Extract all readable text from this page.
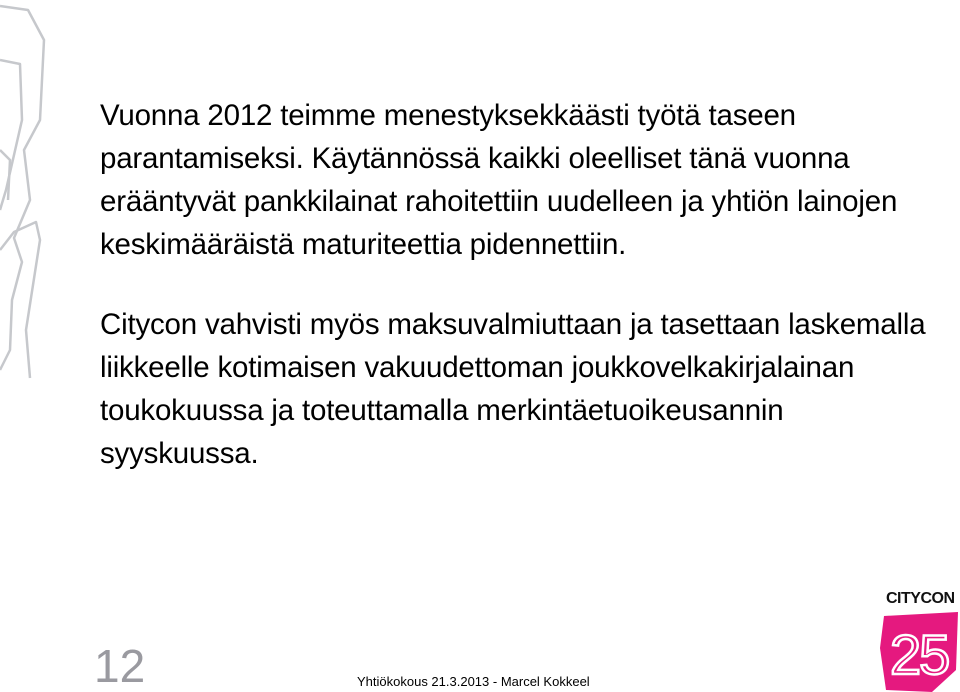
Vuonna 2012 teimme menestyksekkäästi työtä taseen parantamiseksi. Käytännössä kaikki oleelliset tänä vuonna erääntyvät pankkilainat rahoitettiin uudelleen ja yhtiön lainojen keskimääräistä maturiteettia pidennettiin.

Citycon vahvisti myös maksuvalmiuttaan ja tasettaan laskemalla liikkeelle kotimaisen vakuudettoman joukkovelkakirjalainan toukokuussa ja toteuttamalla merkintäetuoikeusannin syyskuussa.

12	Yhtiökokous 21.3.2013 - Marcel Kokkeel
CITYCON
25
